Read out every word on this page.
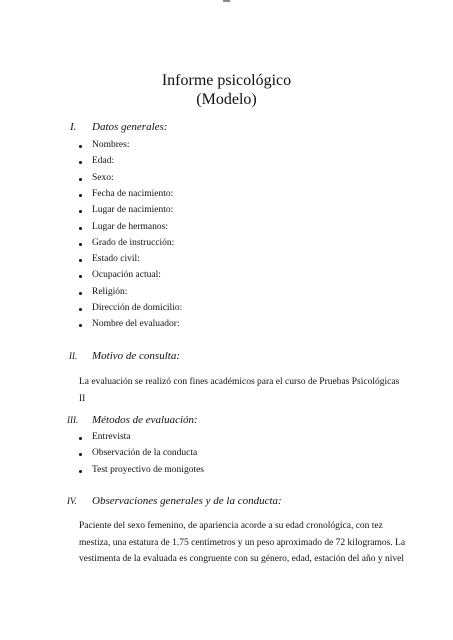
Informe psicológico
(Modelo)
I. Datos generales:
Nombres:
Edad:
Sexo:
Fecha de nacimiento:
Lugar de nacimiento:
Lugar de hermanos:
Grado de instrucción:
Estado civil:
Ocupación actual:
Religión:
Dirección de domicilio:
Nombre del evaluador:
II. Motivo de consulta:
La evaluación se realizó con fines académicos para el curso de Pruebas Psicológicas
II
III. Métodos de evaluación:
Entrevista
Observación de la conducta
Test proyectivo de monigotes
IV. Observaciones generales y de la conducta:
Paciente del sexo femenino, de apariencia acorde a su edad cronológica, con tez
mestiza, una estatura de 1.75 centímetros y un peso aproximado de 72 kilogramos. La
vestimenta de la evaluada es congruente con su género, edad, estación del año y nivel
